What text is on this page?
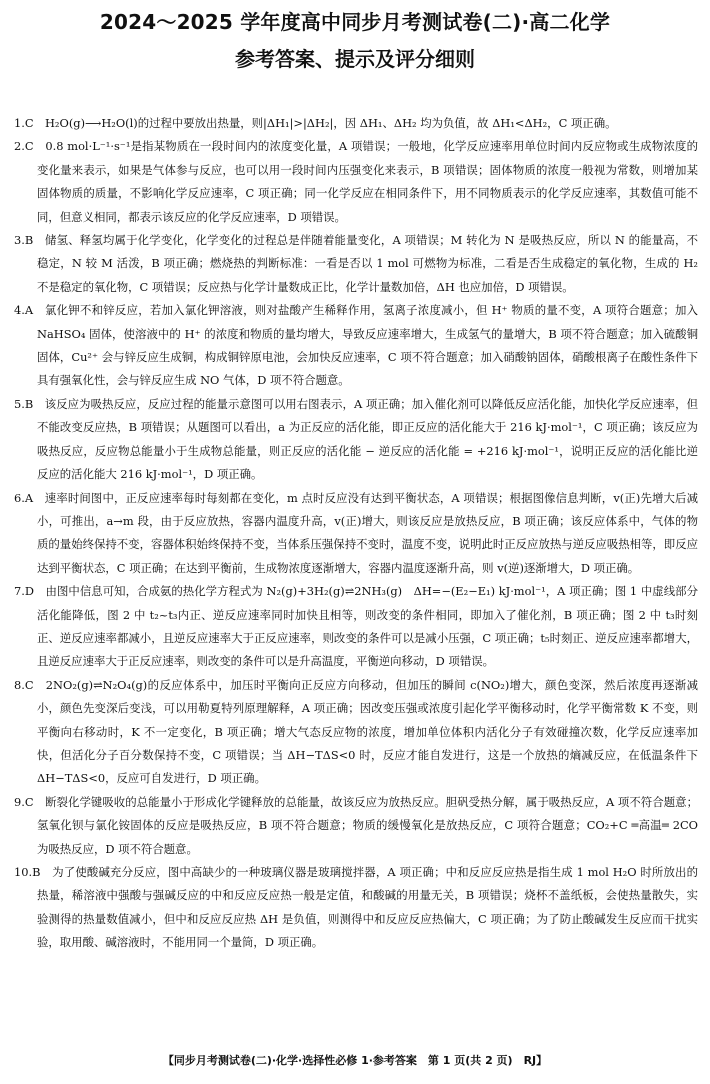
2024～2025 学年度高中同步月考测试卷(二)·高二化学
参考答案、提示及评分细则
1.C　 H₂O(g)⟶H₂O(l)的过程中要放出热量，则|ΔH₁|>|ΔH₂|，因 ΔH₁、ΔH₂ 均为负值，故 ΔH₁<ΔH₂，C 项正确。
2.C　 0.8 mol·L⁻¹·s⁻¹是指某物质在一段时间内的浓度变化量，A 项错误；一般地，化学反应速率用单位时间内反应物或生成物浓度的变化量来表示，如果是气体参与反应，也可以用一段时间内压强变化来表示，B 项错误；固体物质的浓度一般视为常数，则增加某固体物质的质量，不影响化学反应速率，C 项正确；同一化学反应在相同条件下，用不同物质表示的化学反应速率，其数值可能不同，但意义相同，都表示该反应的化学反应速率，D 项错误。
3.B　 储氢、释氢均属于化学变化，化学变化的过程总是伴随着能量变化，A 项错误；M 转化为 N 是吸热反应，所以 N 的能量高，不稳定，N 较 M 活泼，B 项正确；燃烧热的判断标准：一看是否以 1 mol 可燃物为标准，二看是否生成稳定的氧化物，生成的 H₂ 不是稳定的氧化物，C 项错误；反应热与化学计量数成正比，化学计量数加倍，ΔH 也应加倍，D 项错误。
4.A　 氯化钾不和锌反应，若加入氯化钾溶液，则对盐酸产生稀释作用，氢离子浓度减小，但 H⁺ 物质的量不变，A 项符合题意；加入 NaHSO₄ 固体，使溶液中的 H⁺ 的浓度和物质的量均增大，导致反应速率增大，生成氢气的量增大，B 项不符合题意；加入硫酸铜固体，Cu²⁺ 会与锌反应生成铜，构成铜锌原电池，会加快反应速率，C 项不符合题意；加入硝酸钠固体，硝酸根离子在酸性条件下具有强氧化性，会与锌反应生成 NO 气体，D 项不符合题意。
5.B　 该反应为吸热反应，反应过程的能量示意图可以用右图表示，A 项正确；加入催化剂可以降低反应活化能，加快化学反应速率，但不能改变反应热，B 项错误；从题图可以看出，a 为正反应的活化能，即正反应的活化能大于 216 kJ·mol⁻¹，C 项正确；该反应为吸热反应，反应物总能量小于生成物总能量，则正反应的活化能 − 逆反应的活化能 = +216 kJ·mol⁻¹，说明正反应的活化能比逆反应的活化能大 216 kJ·mol⁻¹，D 项正确。
6.A　 速率时间图中，正反应速率每时每刻都在变化，m 点时反应没有达到平衡状态，A 项错误；根据图像信息判断，v(正)先增大后减小，可推出，a→m 段，由于反应放热，容器内温度升高，v(正)增大，则该反应是放热反应，B 项正确；该反应体系中，气体的物质的量始终保持不变，容器体积始终保持不变，当体系压强保持不变时，温度不变，说明此时正反应放热与逆反应吸热相等，即反应达到平衡状态，C 项正确；在达到平衡前，生成物浓度逐渐增大，容器内温度逐渐升高，则 v(逆)逐渐增大，D 项正确。
7.D　 由图中信息可知，合成氨的热化学方程式为 N₂(g)+3H₂(g)⇌2NH₃(g)　ΔH=−(E₂−E₁) kJ·mol⁻¹，A 项正确；图 1 中虚线部分活化能降低，图 2 中 t₂~t₃内正、逆反应速率同时加快且相等，则改变的条件相同，即加入了催化剂，B 项正确；图 2 中 t₃时刻正、逆反应速率都减小，且逆反应速率大于正反应速率，则改变的条件可以是减小压强，C 项正确；t₅时刻正、逆反应速率都增大，且逆反应速率大于正反应速率，则改变的条件可以是升高温度，平衡逆向移动，D 项错误。
8.C　 2NO₂(g)⇌N₂O₄(g)的反应体系中，加压时平衡向正反应方向移动，但加压的瞬间 c(NO₂)增大，颜色变深，然后浓度再逐渐减小，颜色先变深后变浅，可以用勒夏特列原理解释，A 项正确；因改变压强或浓度引起化学平衡移动时，化学平衡常数 K 不变，则平衡向右移动时，K 不一定变化，B 项正确；增大气态反应物的浓度，增加单位体积内活化分子有效碰撞次数，化学反应速率加快，但活化分子百分数保持不变，C 项错误；当 ΔH−TΔS<0 时，反应才能自发进行，这是一个放热的熵减反应，在低温条件下 ΔH−TΔS<0，反应可自发进行，D 项正确。
9.C　 断裂化学键吸收的总能量小于形成化学键释放的总能量，故该反应为放热反应。胆矾受热分解，属于吸热反应，A 项不符合题意；氢氧化钡与氯化铵固体的反应是吸热反应，B 项不符合题意；物质的缓慢氧化是放热反应，C 项符合题意；CO₂+C ═高温═ 2CO 为吸热反应，D 项不符合题意。
10.B　 为了使酸碱充分反应，图中高缺少的一种玻璃仪器是玻璃搅拌器，A 项正确；中和反应反应热是指生成 1 mol H₂O 时所放出的热量，稀溶液中强酸与强碱反应的中和反应反应热一般是定值，和酸碱的用量无关，B 项错误；烧杯不盖纸板，会使热量散失，实验测得的热量数值减小，但中和反应反应热 ΔH 是负值，则测得中和反应反应热偏大，C 项正确；为了防止酸碱发生反应而干扰实验，取用酸、碱溶液时，不能用同一个量筒，D 项正确。
【同步月考测试卷(二)·化学·选择性必修 1·参考答案　第 1 页(共 2 页)　RJ】
